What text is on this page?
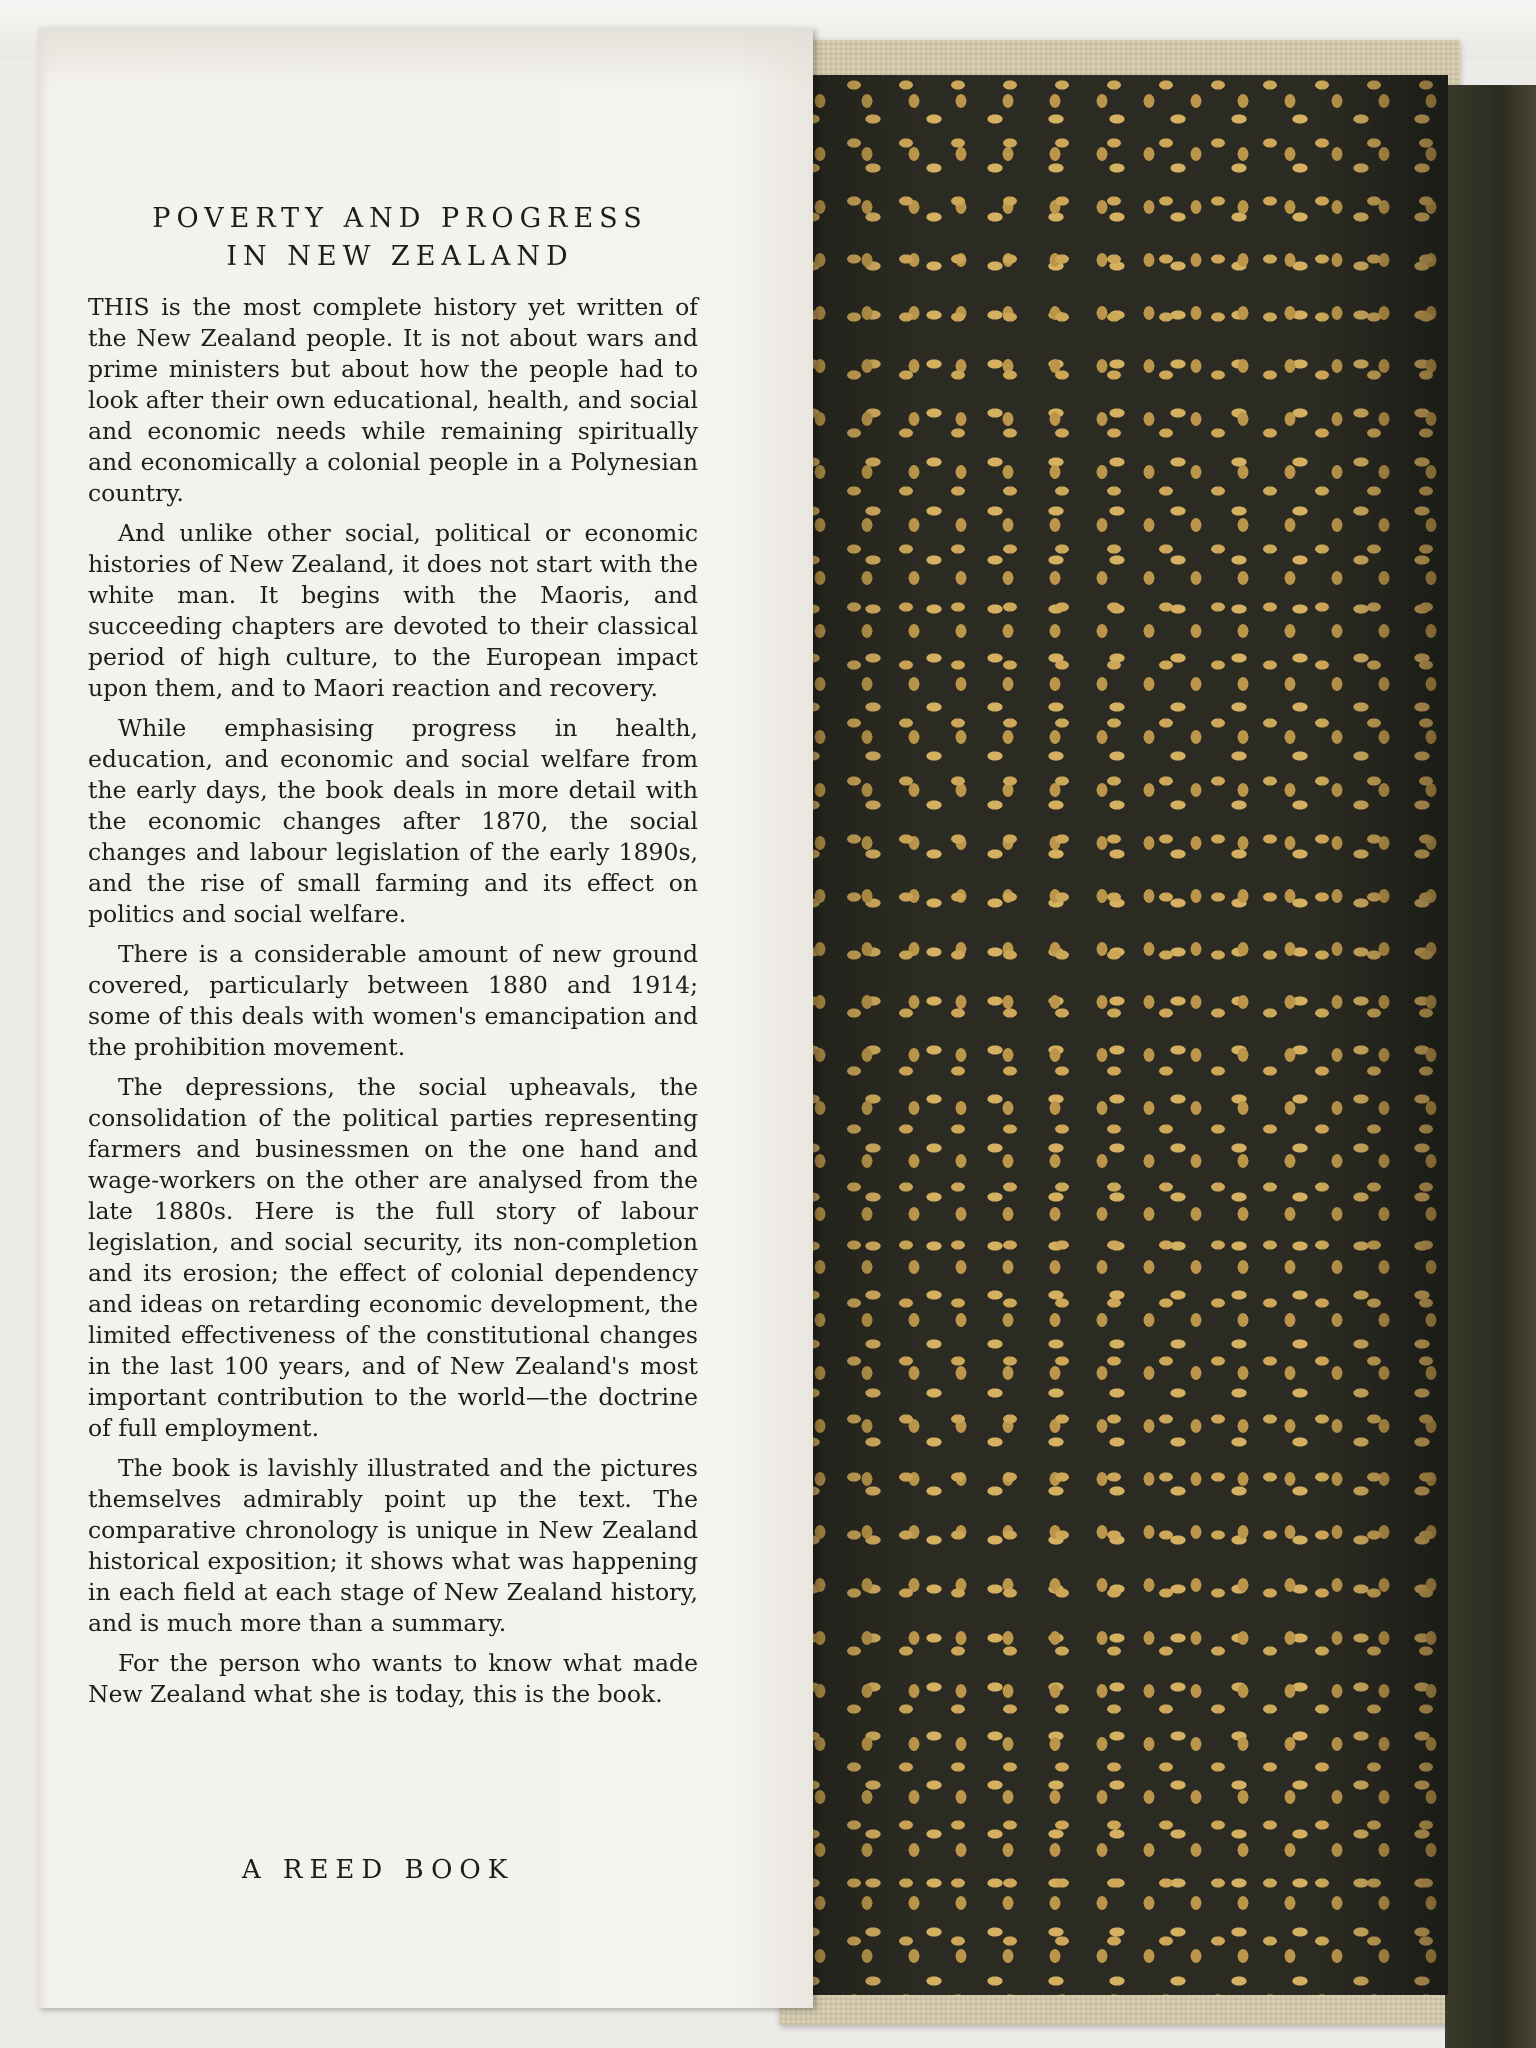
POVERTY AND PROGRESS
IN NEW ZEALAND

THIS is the most complete history yet written of the New Zealand people. It is not about wars and prime ministers but about how the people had to look after their own educational, health, and social and economic needs while remaining spiritually and economically a colonial people in a Polynesian country.

And unlike other social, political or economic histories of New Zealand, it does not start with the white man. It begins with the Maoris, and succeeding chapters are devoted to their classical period of high culture, to the European impact upon them, and to Maori reaction and recovery.

While emphasising progress in health, education, and economic and social welfare from the early days, the book deals in more detail with the economic changes after 1870, the social changes and labour legislation of the early 1890s, and the rise of small farming and its effect on politics and social welfare.

There is a considerable amount of new ground covered, particularly between 1880 and 1914; some of this deals with women's emancipation and the prohibition movement.

The depressions, the social upheavals, the consolidation of the political parties representing farmers and businessmen on the one hand and wage-workers on the other are analysed from the late 1880s. Here is the full story of labour legislation, and social security, its non-completion and its erosion; the effect of colonial dependency and ideas on retarding economic development, the limited effectiveness of the constitutional changes in the last 100 years, and of New Zealand's most important contribution to the world—the doctrine of full employment.

The book is lavishly illustrated and the pictures themselves admirably point up the text. The comparative chronology is unique in New Zealand historical exposition; it shows what was happening in each field at each stage of New Zealand history, and is much more than a summary.

For the person who wants to know what made New Zealand what she is today, this is the book.

A REED BOOK
